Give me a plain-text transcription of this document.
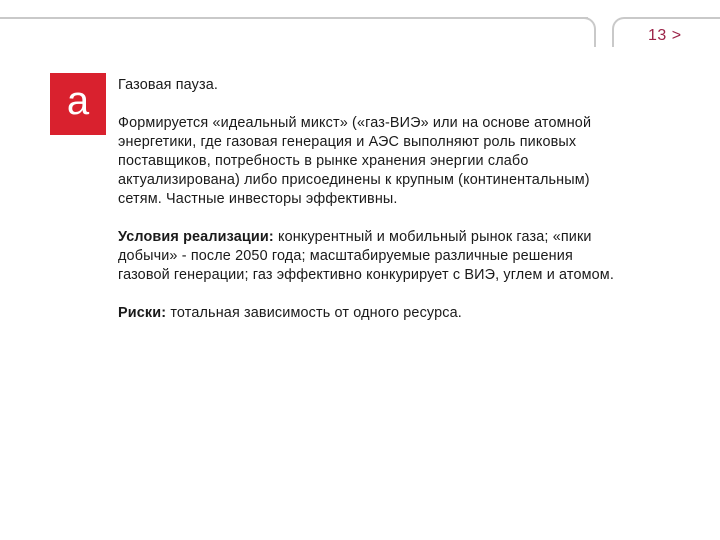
13 >
a	Газовая пауза.

Формируется «идеальный микст» («газ-ВИЭ» или на основе атомной энергетики, где газовая генерация и АЭС выполняют роль пиковых поставщиков, потребность в рынке хранения энергии слабо актуализирована) либо присоединены к крупным (континентальным) сетям. Частные инвесторы эффективны.

Условия реализации: конкурентный и мобильный рынок газа; «пики добычи» - после 2050 года; масштабируемые различные решения газовой генерации; газ эффективно конкурирует с ВИЭ, углем и атомом.

Риски: тотальная зависимость от одного ресурса.
